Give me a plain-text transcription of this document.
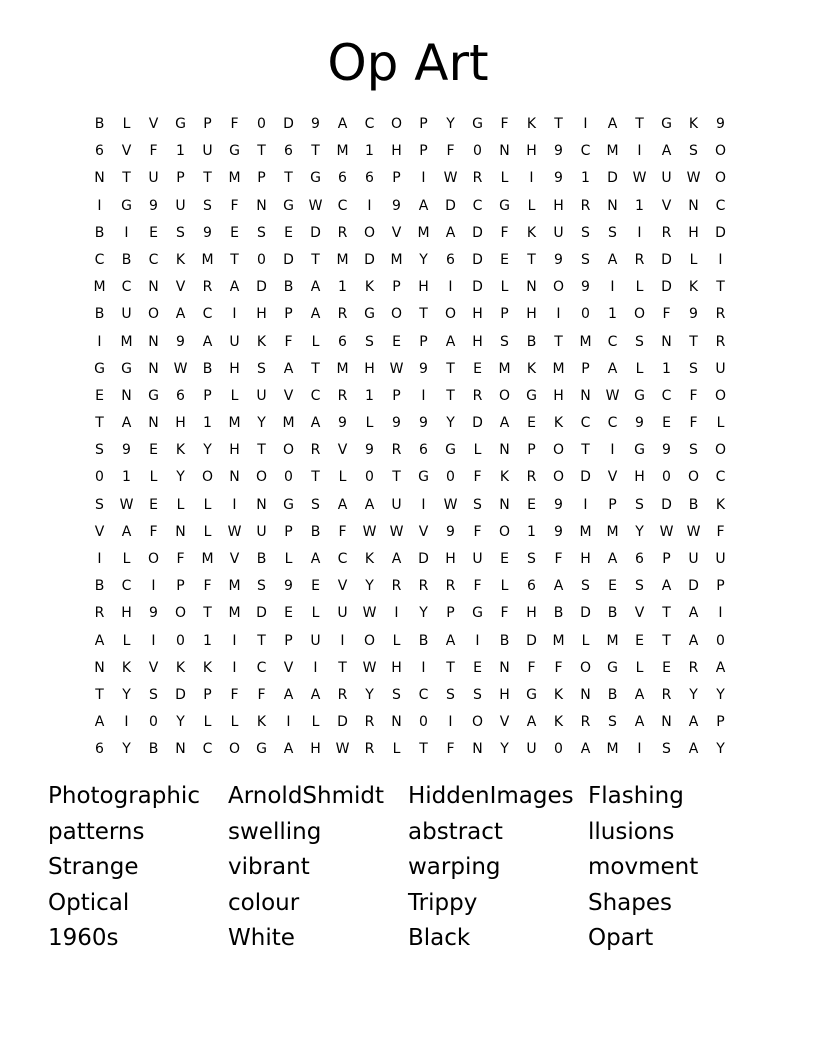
Op Art
B	L	V	G	P	F	0	D	9	A	C	O	P	Y	G	F	K	T	I	A	T	G	K	9
6	V	F	1	U	G	T	6	T	M	1	H	P	F	0	N	H	9	C	M	I	A	S	O
N	T	U	P	T	M	P	T	G	6	6	P	I	W	R	L	I	9	1	D	W	U	W	O
I	G	9	U	S	F	N	G	W	C	I	9	A	D	C	G	L	H	R	N	1	V	N	C
B	I	E	S	9	E	S	E	D	R	O	V	M	A	D	F	K	U	S	S	I	R	H	D
C	B	C	K	M	T	0	D	T	M	D	M	Y	6	D	E	T	9	S	A	R	D	L	I
M	C	N	V	R	A	D	B	A	1	K	P	H	I	D	L	N	O	9	I	L	D	K	T
B	U	O	A	C	I	H	P	A	R	G	O	T	O	H	P	H	I	0	1	O	F	9	R
I	M	N	9	A	U	K	F	L	6	S	E	P	A	H	S	B	T	M	C	S	N	T	R
G	G	N	W	B	H	S	A	T	M	H	W	9	T	E	M	K	M	P	A	L	1	S	U
E	N	G	6	P	L	U	V	C	R	1	P	I	T	R	O	G	H	N	W	G	C	F	O
T	A	N	H	1	M	Y	M	A	9	L	9	9	Y	D	A	E	K	C	C	9	E	F	L
S	9	E	K	Y	H	T	O	R	V	9	R	6	G	L	N	P	O	T	I	G	9	S	O
0	1	L	Y	O	N	O	0	T	L	0	T	G	0	F	K	R	O	D	V	H	0	O	C
S	W	E	L	L	I	N	G	S	A	A	U	I	W	S	N	E	9	I	P	S	D	B	K
V	A	F	N	L	W	U	P	B	F	W W	V	9	F	O	1	9	M	M	Y	W W	F
I	L	O	F	M	V	B	L	A	C	K	A	D	H	U	E	S	F	H	A	6	P	U	U
B	C	I	P	F	M	S	9	E	V	Y	R	R	R	F	L	6	A	S	E	S	A	D	P
R	H	9	O	T	M	D	E	L	U	W	I	Y	P	G	F	H	B	D	B	V	T	A	I
A	L	I	0	1	I	T	P	U	I	O	L	B	A	I	B	D	M	L	M	E	T	A	0
N	K	V	K	K	I	C	V	I	T	W	H	I	T	E	N	F	F	O	G	L	E	R	A
T	Y	S	D	P	F	F	A	A	R	Y	S	C	S	S	H	G	K	N	B	A	R	Y	Y
A	I	0	Y	L	L	K	I	L	D	R	N	0	I	O	V	A	K	R	S	A	N	A	P
6	Y	B	N	C	O	G	A	H	W	R	L	T	F	N	Y	U	0	A	M	I	S	A	Y
Photographic	ArnoldShmidt	HiddenImages Flashing
patterns	swelling	abstract	llusions
Strange	vibrant	warping	movment
Optical	colour	Trippy	Shapes
1960s	White	Black	Opart
